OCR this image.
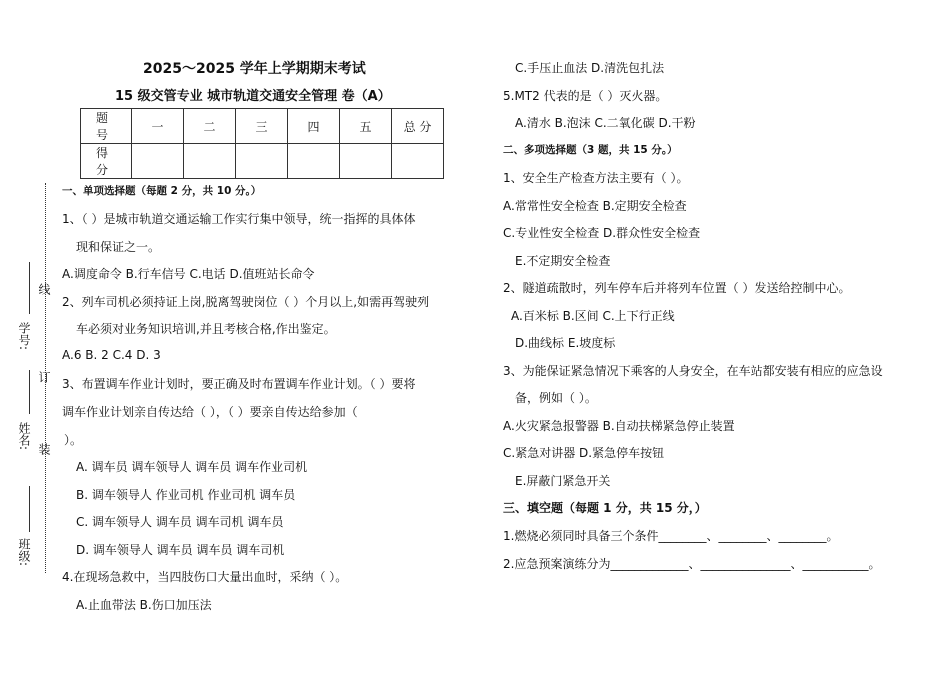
2025～2025 学年上学期期末考试
15 级交管专业 城市轨道交通安全管理 卷（A）
题 号	一	二	三	四	五	总 分
得 分						
学号:
姓名:
班级:
线
订
装
一、单项选择题（每题 2 分，共 10 分。）
1、（ ）是城市轨道交通运输工作实行集中领导，统一指挥的具体体
现和保证之一。
A.调度命令 B.行车信号 C.电话 D.值班站长命令
2、列车司机必须持证上岗,脱离驾驶岗位（ ）个月以上,如需再驾驶列
车必须对业务知识培训,并且考核合格,作出鉴定。
A.6 B. 2 C.4 D. 3
3、布置调车作业计划时，要正确及时布置调车作业计划。（ ）要将
调车作业计划亲自传达给（ ），（ ）要亲自传达给参加（
）。
A. 调车员 调车领导人 调车员 调车作业司机
B. 调车领导人 作业司机 作业司机 调车员
C. 调车领导人 调车员 调车司机 调车员
D. 调车领导人 调车员 调车员 调车司机
4.在现场急救中，当四肢伤口大量出血时，采纳（ ）。
A.止血带法 B.伤口加压法
C.手压止血法 D.清洗包扎法
5.MT2 代表的是（ ）灭火器。
A.清水 B.泡沫 C.二氧化碳 D.干粉
二、多项选择题（3 题，共 15 分。）
1、安全生产检查方法主要有（ ）。
A.常常性安全检查 B.定期安全检查
C.专业性安全检查 D.群众性安全检查
E.不定期安全检查
2、隧道疏散时，列车停车后并将列车位置（ ）发送给控制中心。
A.百米标 B.区间 C.上下行正线
D.曲线标 E.坡度标
3、为能保证紧急情况下乘客的人身安全，在车站都安装有相应的应急设
备，例如（ ）。
A.火灾紧急报警器 B.自动扶梯紧急停止装置
C.紧急对讲器 D.紧急停车按钮
E.屏蔽门紧急开关
三、填空题（每题 1 分，共 15 分，）
1.燃烧必须同时具备三个条件________、________、________。
2.应急预案演练分为_____________、_______________、___________。
